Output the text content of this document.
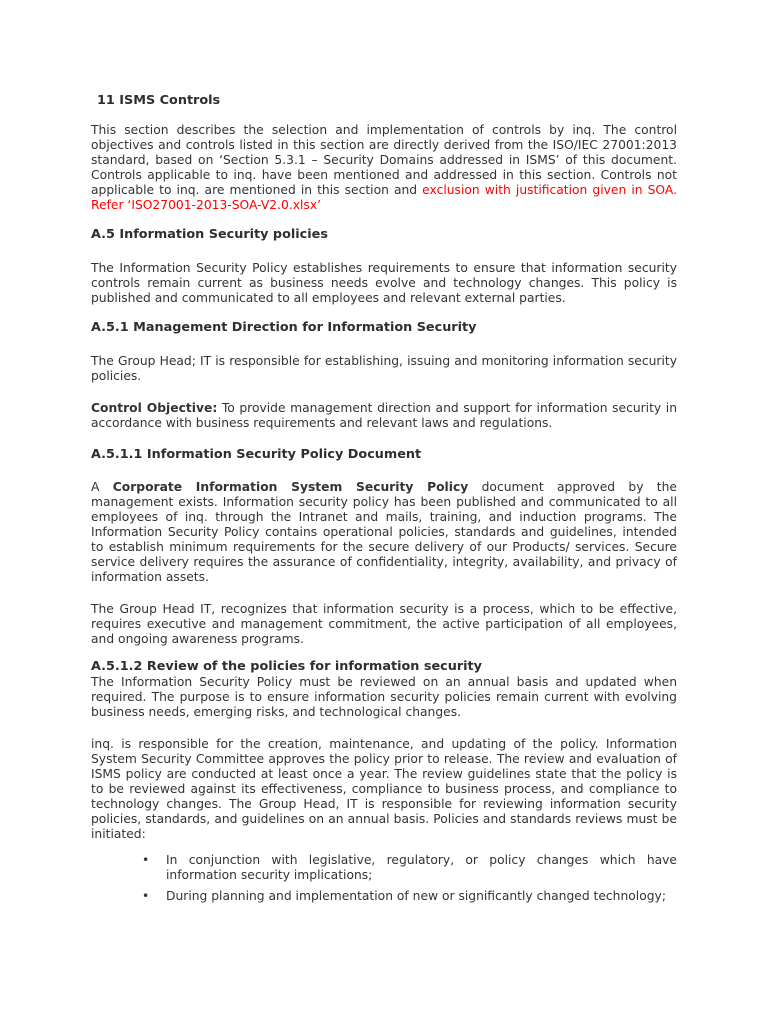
11 ISMS Controls

This section describes the selection and implementation of controls by inq. The control objectives and controls listed in this section are directly derived from the ISO/IEC 27001:2013 standard, based on ‘Section 5.3.1 – Security Domains addressed in ISMS’ of this document. Controls applicable to inq. have been mentioned and addressed in this section. Controls not applicable to inq. are mentioned in this section and exclusion with justification given in SOA. Refer ‘ISO27001-2013-SOA-V2.0.xlsx’

A.5 Information Security policies

The Information Security Policy establishes requirements to ensure that information security controls remain current as business needs evolve and technology changes. This policy is published and communicated to all employees and relevant external parties.

A.5.1 Management Direction for Information Security

The Group Head; IT is responsible for establishing, issuing and monitoring information security policies.

Control Objective: To provide management direction and support for information security in accordance with business requirements and relevant laws and regulations.

A.5.1.1 Information Security Policy Document

A Corporate Information System Security Policy document approved by the management exists. Information security policy has been published and communicated to all employees of inq. through the Intranet and mails, training, and induction programs. The Information Security Policy contains operational policies, standards and guidelines, intended to establish minimum requirements for the secure delivery of our Products/ services. Secure service delivery requires the assurance of confidentiality, integrity, availability, and privacy of information assets.

The Group Head IT, recognizes that information security is a process, which to be effective, requires executive and management commitment, the active participation of all employees, and ongoing awareness programs.

A.5.1.2 Review of the policies for information security

The Information Security Policy must be reviewed on an annual basis and updated when required. The purpose is to ensure information security policies remain current with evolving business needs, emerging risks, and technological changes.

inq. is responsible for the creation, maintenance, and updating of the policy. Information System Security Committee approves the policy prior to release. The review and evaluation of ISMS policy are conducted at least once a year. The review guidelines state that the policy is to be reviewed against its effectiveness, compliance to business process, and compliance to technology changes. The Group Head, IT is responsible for reviewing information security policies, standards, and guidelines on an annual basis. Policies and standards reviews must be initiated:

• In conjunction with legislative, regulatory, or policy changes which have information security implications;
• During planning and implementation of new or significantly changed technology;
